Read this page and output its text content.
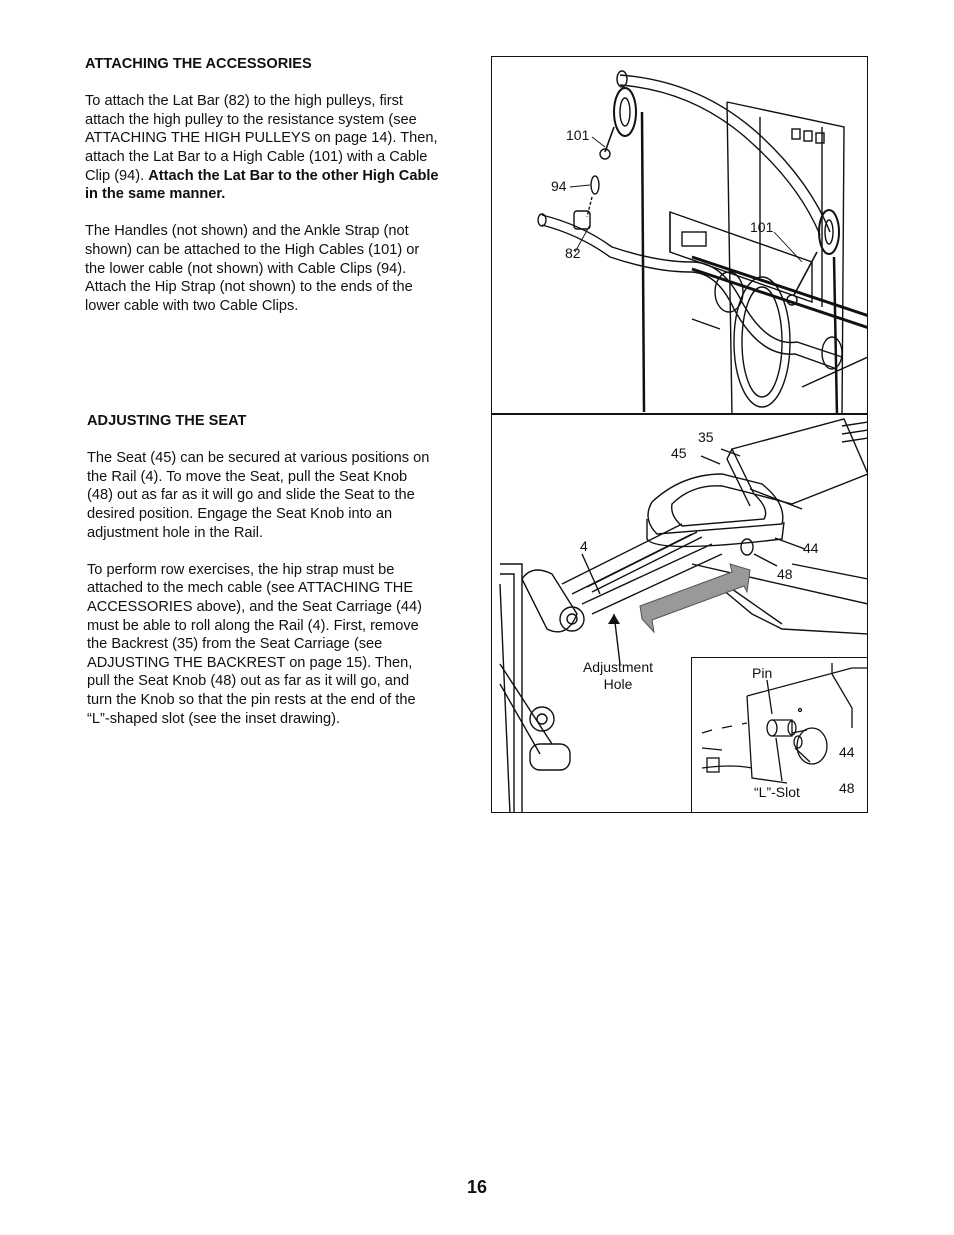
ATTACHING THE ACCESSORIES

To attach the Lat Bar (82) to the high pulleys, first
attach the high pulley to the resistance system (see
ATTACHING THE HIGH PULLEYS on page 14). Then,
attach the Lat Bar to a High Cable (101) with a Cable
Clip (94). Attach the Lat Bar to the other High Cable
in the same manner.

The Handles (not shown) and the Ankle Strap (not
shown) can be attached to the High Cables (101) or
the lower cable (not shown) with Cable Clips (94).
Attach the Hip Strap (not shown) to the ends of the
lower cable with two Cable Clips.

ADJUSTING THE SEAT

The Seat (45) can be secured at various positions on
the Rail (4). To move the Seat, pull the Seat Knob
(48) out as far as it will go and slide the Seat to the
desired position. Engage the Seat Knob into an
adjustment hole in the Rail.

To perform row exercises, the hip strap must be
attached to the mech cable (see ATTACHING THE
ACCESSORIES above), and the Seat Carriage (44)
must be able to roll along the Rail (4). First, remove
the Backrest (35) from the Seat Carriage (see
ADJUSTING THE BACKREST on page 15). Then,
pull the Seat Knob (48) out as far as it will go, and
turn the Knob so that the pin rests at the end of the
“L”-shaped slot (see the inset drawing).

101
94
82
101
35
45
4	44
48
Adjustment
Hole
Pin
44
48
“L”-Slot
16
